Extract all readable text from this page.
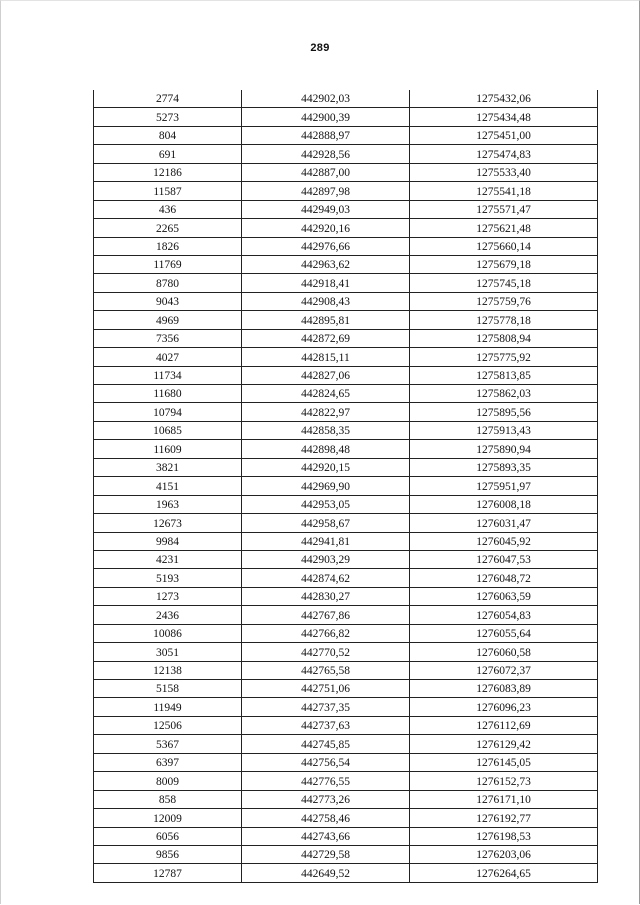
289
2774	442902,03	1275432,06
5273	442900,39	1275434,48
804	442888,97	1275451,00
691	442928,56	1275474,83
12186	442887,00	1275533,40
11587	442897,98	1275541,18
436	442949,03	1275571,47
2265	442920,16	1275621,48
1826	442976,66	1275660,14
11769	442963,62	1275679,18
8780	442918,41	1275745,18
9043	442908,43	1275759,76
4969	442895,81	1275778,18
7356	442872,69	1275808,94
4027	442815,11	1275775,92
11734	442827,06	1275813,85
11680	442824,65	1275862,03
10794	442822,97	1275895,56
10685	442858,35	1275913,43
11609	442898,48	1275890,94
3821	442920,15	1275893,35
4151	442969,90	1275951,97
1963	442953,05	1276008,18
12673	442958,67	1276031,47
9984	442941,81	1276045,92
4231	442903,29	1276047,53
5193	442874,62	1276048,72
1273	442830,27	1276063,59
2436	442767,86	1276054,83
10086	442766,82	1276055,64
3051	442770,52	1276060,58
12138	442765,58	1276072,37
5158	442751,06	1276083,89
11949	442737,35	1276096,23
12506	442737,63	1276112,69
5367	442745,85	1276129,42
6397	442756,54	1276145,05
8009	442776,55	1276152,73
858	442773,26	1276171,10
12009	442758,46	1276192,77
6056	442743,66	1276198,53
9856	442729,58	1276203,06
12787	442649,52	1276264,65
